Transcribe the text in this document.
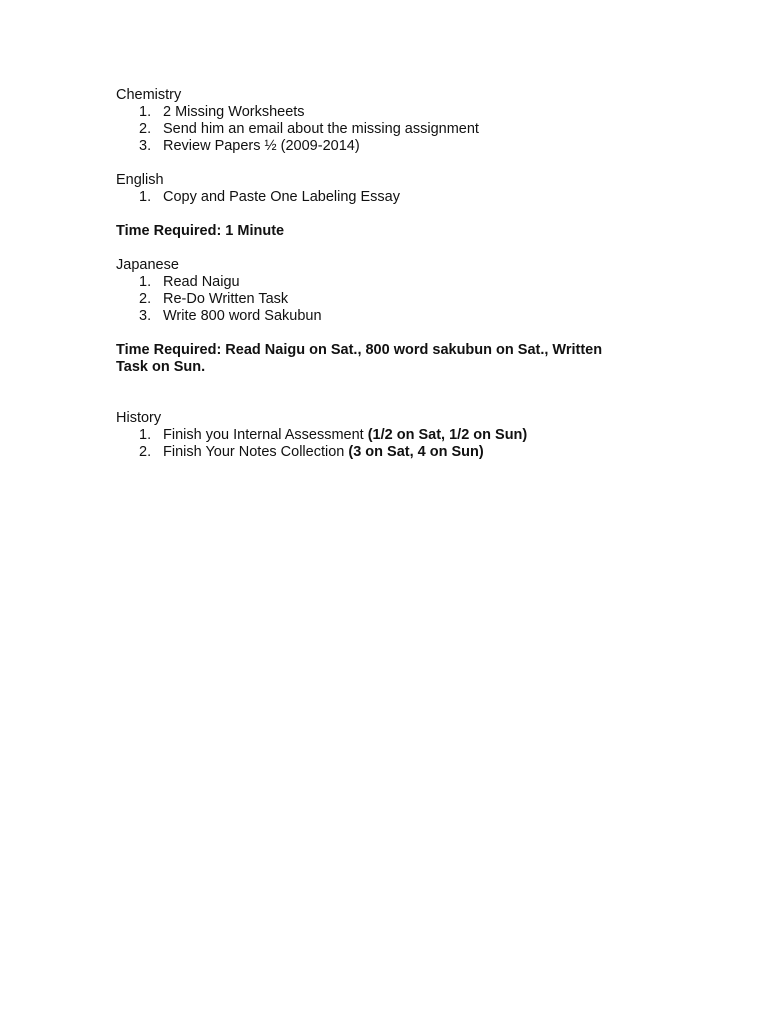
Chemistry

1. 2 Missing Worksheets
2. Send him an email about the missing assignment
3. Review Papers ½ (2009-2014)

English

1. Copy and Paste One Labeling Essay

Time Required: 1 Minute

Japanese

1. Read Naigu
2. Re-Do Written Task
3. Write 800 word Sakubun

Time Required: Read Naigu on Sat., 800 word sakubun on Sat., Written

Task on Sun.

History

1. Finish you Internal Assessment (1/2 on Sat, 1/2 on Sun)
2. Finish Your Notes Collection (3 on Sat, 4 on Sun)
